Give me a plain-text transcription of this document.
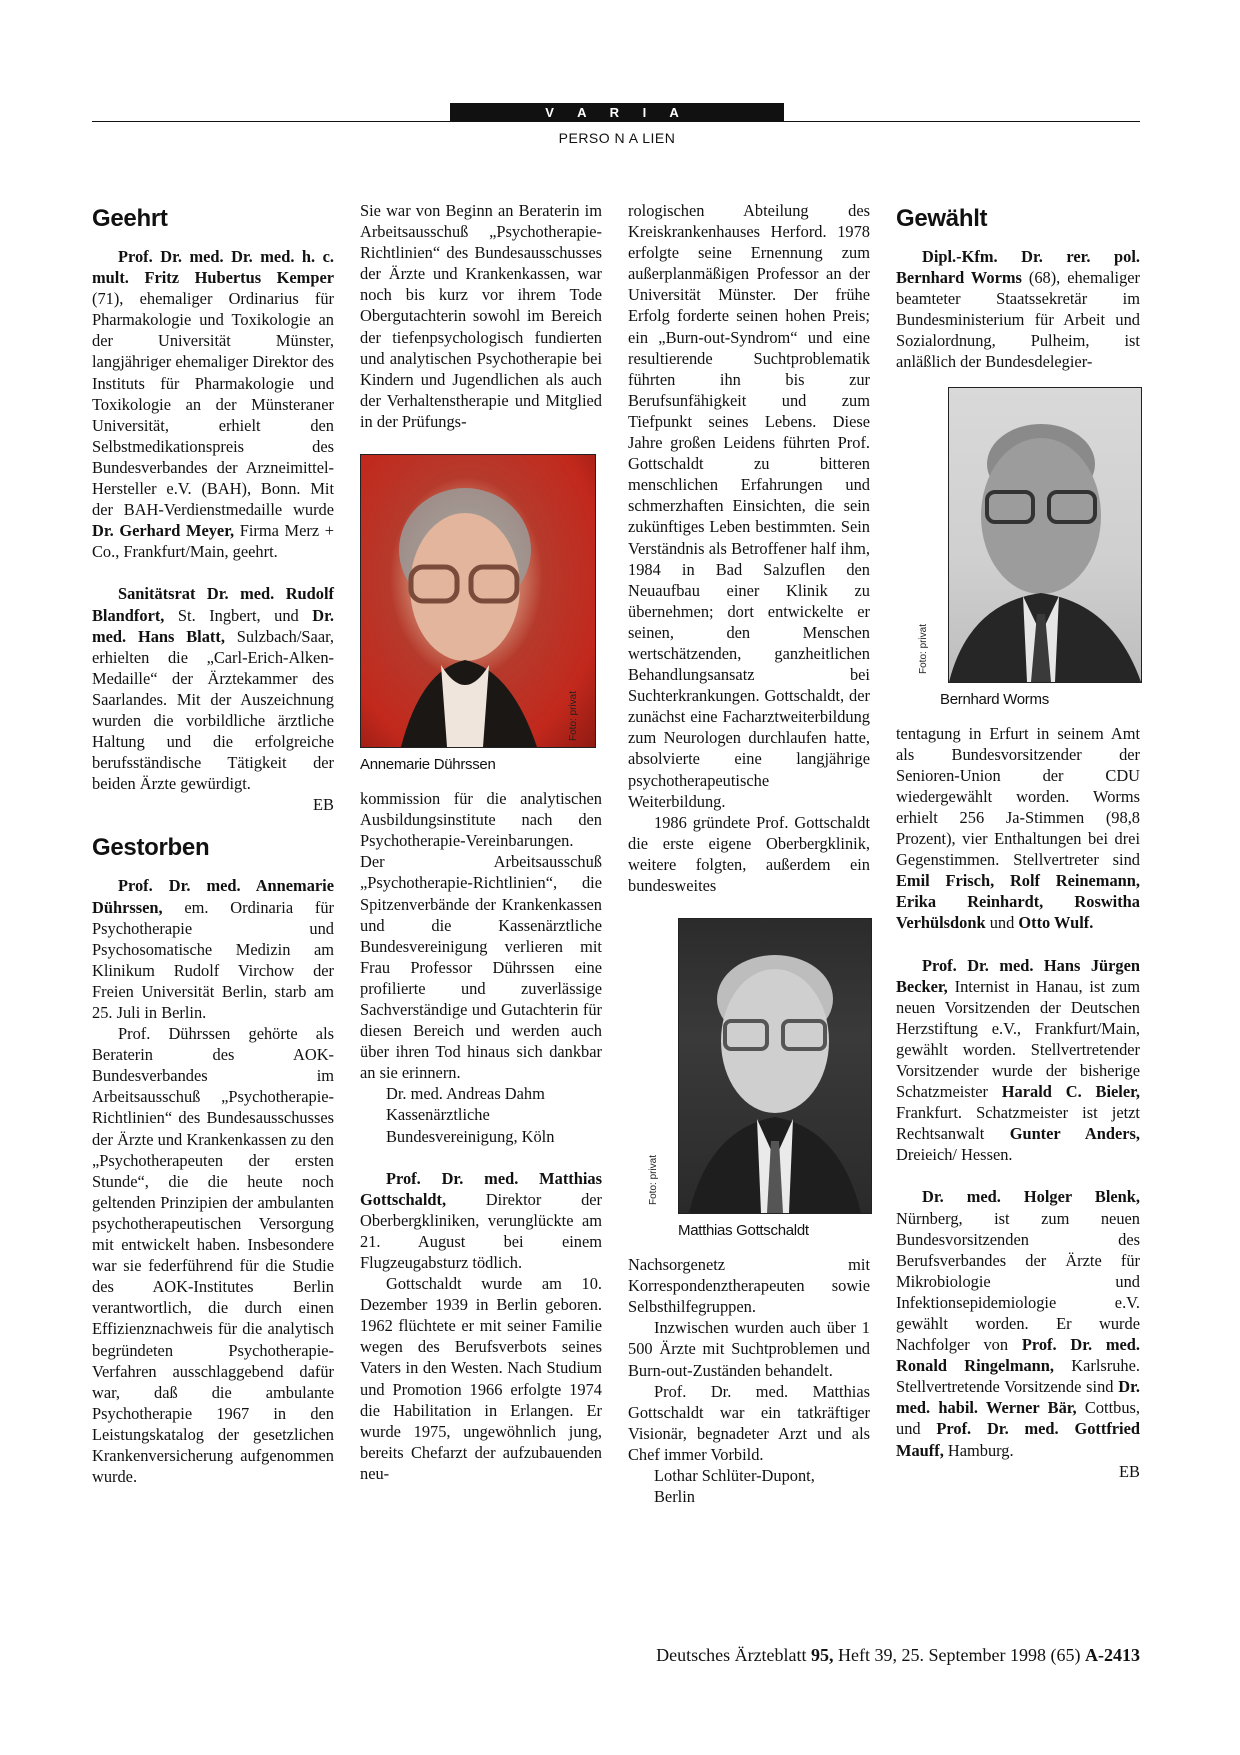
V A R I A
PERSO N A LIEN
Geehrt

Prof. Dr. med. Dr. med. h. c. mult. Fritz Hubertus Kemper (71), ehemaliger Ordinarius für Pharmakologie und Toxikologie an der Universität Münster, langjähriger ehemaliger Direktor des Instituts für Pharmakologie und Toxikologie an der Münsteraner Universität, erhielt den Selbstmedikationspreis des Bundesverbandes der Arzneimittel-Hersteller e.V. (BAH), Bonn. Mit der BAH-Verdienstmedaille wurde Dr. Gerhard Meyer, Firma Merz + Co., Frankfurt/Main, geehrt.

Sanitätsrat Dr. med. Rudolf Blandfort, St. Ingbert, und Dr. med. Hans Blatt, Sulzbach/Saar, erhielten die „Carl-Erich-Alken-Medaille“ der Ärztekammer des Saarlandes. Mit der Auszeichnung wurden die vorbildliche ärztliche Haltung und die erfolgreiche berufsständische Tätigkeit der beiden Ärzte gewürdigt.

EB

Gestorben

Prof. Dr. med. Annemarie Dührssen, em. Ordinaria für Psychotherapie und Psychosomatische Medizin am Klinikum Rudolf Virchow der Freien Universität Berlin, starb am 25. Juli in Berlin.

Prof. Dührssen gehörte als Beraterin des AOK-Bundesverbandes im Arbeitsausschuß „Psychotherapie-Richtlinien“ des Bundesausschusses der Ärzte und Krankenkassen zu den „Psychotherapeuten der ersten Stunde“, die die heute noch geltenden Prinzipien der ambulanten psychotherapeutischen Versorgung mit entwickelt haben. Insbesondere war sie federführend für die Studie des AOK-Institutes Berlin verantwortlich, die durch einen Effizienznachweis für die analytisch begründeten Psychotherapie-Verfahren ausschlaggebend dafür war, daß die ambulante Psychotherapie 1967 in den Leistungskatalog der gesetzlichen Krankenversicherung aufgenommen wurde.

Sie war von Beginn an Beraterin im Arbeitsausschuß „Psychotherapie-Richtlinien“ des Bundesausschusses der Ärzte und Krankenkassen, war noch bis kurz vor ihrem Tode Obergutachterin sowohl im Bereich der tiefenpsychologisch fundierten und analytischen Psychotherapie bei Kindern und Jugendlichen als auch der Verhaltenstherapie und Mitglied in der Prüfungs-

Foto: privat
Annemarie Dührssen

kommission für die analytischen Ausbildungsinstitute nach den Psychotherapie-Vereinbarungen. Der Arbeitsausschuß „Psychotherapie-Richtlinien“, die Spitzenverbände der Krankenkassen und die Kassenärztliche Bundesvereinigung verlieren mit Frau Professor Dührssen eine profilierte und zuverlässige Sachverständige und Gutachterin für diesen Bereich und werden auch über ihren Tod hinaus sich dankbar an sie erinnern.

Dr. med. Andreas Dahm

Kassenärztliche

Bundesvereinigung, Köln

Prof. Dr. med. Matthias Gottschaldt, Direktor der Oberbergkliniken, verunglückte am 21. August bei einem Flugzeugabsturz tödlich.

Gottschaldt wurde am 10. Dezember 1939 in Berlin geboren. 1962 flüchtete er mit seiner Familie wegen des Berufsverbots seines Vaters in den Westen. Nach Studium und Promotion 1966 erfolgte 1974 die Habilitation in Erlangen. Er wurde 1975, ungewöhnlich jung, bereits Chefarzt der aufzubauenden neu-

rologischen Abteilung des Kreiskrankenhauses Herford. 1978 erfolgte seine Ernennung zum außerplanmäßigen Professor an der Universität Münster. Der frühe Erfolg forderte seinen hohen Preis; ein „Burn-out-Syndrom“ und eine resultierende Suchtproblematik führten ihn bis zur Berufsunfähigkeit und zum Tiefpunkt seines Lebens. Diese Jahre großen Leidens führten Prof. Gottschaldt zu bitteren menschlichen Erfahrungen und schmerzhaften Einsichten, die sein zukünftiges Leben bestimmten. Sein Verständnis als Betroffener half ihm, 1984 in Bad Salzuflen den Neuaufbau einer Klinik zu übernehmen; dort entwickelte er seinen, den Menschen wertschätzenden, ganzheitlichen Behandlungsansatz bei Suchterkrankungen. Gottschaldt, der zunächst eine Facharztweiterbildung zum Neurologen durchlaufen hatte, absolvierte eine langjährige psychotherapeutische Weiterbildung.

1986 gründete Prof. Gottschaldt die erste eigene Oberbergklinik, weitere folgten, außerdem ein bundesweites

Foto: privat
Matthias Gottschaldt

Nachsorgenetz mit Korrespondenztherapeuten sowie Selbsthilfegruppen.

Inzwischen wurden auch über 1 500 Ärzte mit Suchtproblemen und Burn-out-Zuständen behandelt.

Prof. Dr. med. Matthias Gottschaldt war ein tatkräftiger Visionär, begnadeter Arzt und als Chef immer Vorbild.

Lothar Schlüter-Dupont,

Berlin

Gewählt

Dipl.-Kfm. Dr. rer. pol. Bernhard Worms (68), ehemaliger beamteter Staatssekretär im Bundesministerium für Arbeit und Sozialordnung, Pulheim, ist anläßlich der Bundesdelegier-

Foto: privat
Bernhard Worms

tentagung in Erfurt in seinem Amt als Bundesvorsitzender der Senioren-Union der CDU wiedergewählt worden. Worms erhielt 256 Ja-Stimmen (98,8 Prozent), vier Enthaltungen bei drei Gegenstimmen. Stellvertreter sind Emil Frisch, Rolf Reinemann, Erika Reinhardt, Roswitha Verhülsdonk und Otto Wulf.

Prof. Dr. med. Hans Jürgen Becker, Internist in Hanau, ist zum neuen Vorsitzenden der Deutschen Herzstiftung e.V., Frankfurt/Main, gewählt worden. Stellvertretender Vorsitzender wurde der bisherige Schatzmeister Harald C. Bieler, Frankfurt. Schatzmeister ist jetzt Rechtsanwalt Gunter Anders, Dreieich/ Hessen.

Dr. med. Holger Blenk, Nürnberg, ist zum neuen Bundesvorsitzenden des Berufsverbandes der Ärzte für Mikrobiologie und Infektionsepidemiologie e.V. gewählt worden. Er wurde Nachfolger von Prof. Dr. med. Ronald Ringelmann, Karlsruhe. Stellvertretende Vorsitzende sind Dr. med. habil. Werner Bär, Cottbus, und Prof. Dr. med. Gottfried Mauff, Hamburg.

EB

Deutsches Ärzteblatt 95, Heft 39, 25. September 1998 (65) A-2413
